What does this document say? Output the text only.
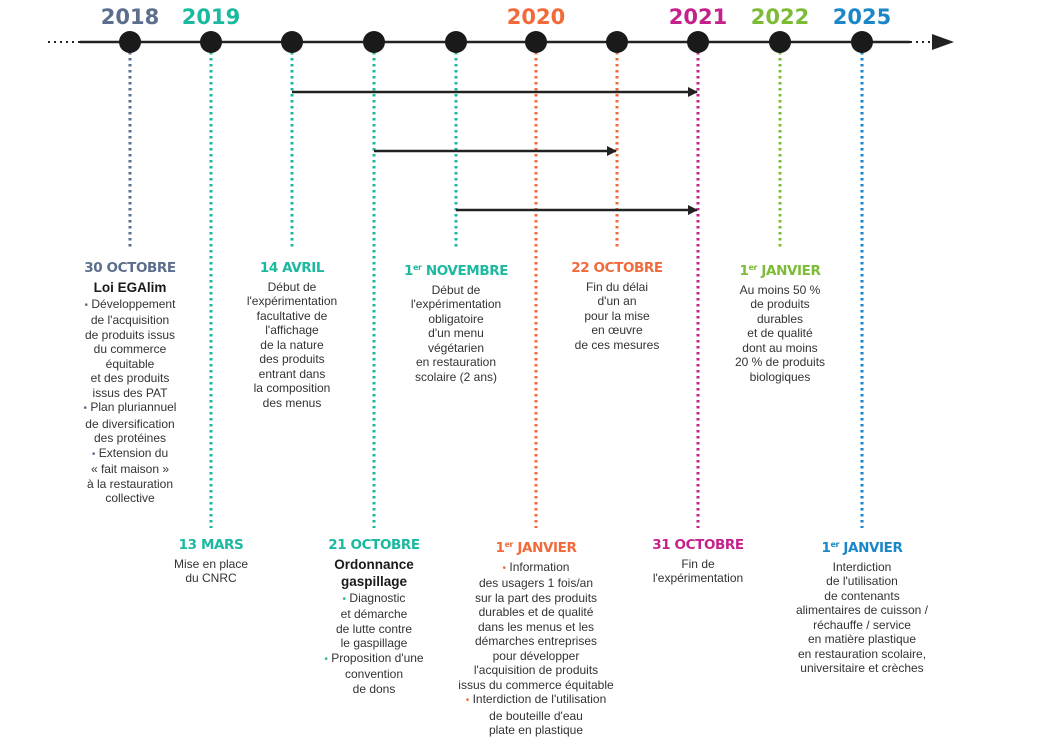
2018	2019	2020	2021	2022	2025
30 OCTOBRE
Loi EGAlim
• Développement
de l'acquisition
de produits issus
du commerce
équitable
et des produits
issus des PAT
• Plan pluriannuel
de diversification
des protéines
• Extension du
« fait maison »
à la restauration
collective
13 MARS
Mise en place
du CNRC
14 AVRIL
Début de
l'expérimentation
facultative de
l'affichage
de la nature
des produits
entrant dans
la composition
des menus
21 OCTOBRE
Ordonnance
gaspillage
• Diagnostic
et démarche
de lutte contre
le gaspillage
• Proposition d'une
convention
de dons
1er NOVEMBRE
Début de
l'expérimentation
obligatoire
d'un menu
végétarien
en restauration
scolaire (2 ans)
1er JANVIER
• Information
des usagers 1 fois/an
sur la part des produits
durables et de qualité
dans les menus et les
démarches entreprises
pour développer
l'acquisition de produits
issus du commerce équitable
• Interdiction de l'utilisation
de bouteille d'eau
plate en plastique
22 OCTOBRE
Fin du délai
d'un an
pour la mise
en œuvre
de ces mesures
31 OCTOBRE
Fin de
l'expérimentation
1er JANVIER
Au moins 50 %
de produits
durables
et de qualité
dont au moins
20 % de produits
biologiques
1er JANVIER
Interdiction
de l'utilisation
de contenants
alimentaires de cuisson /
réchauffe / service
en matière plastique
en restauration scolaire,
universitaire et crèches
